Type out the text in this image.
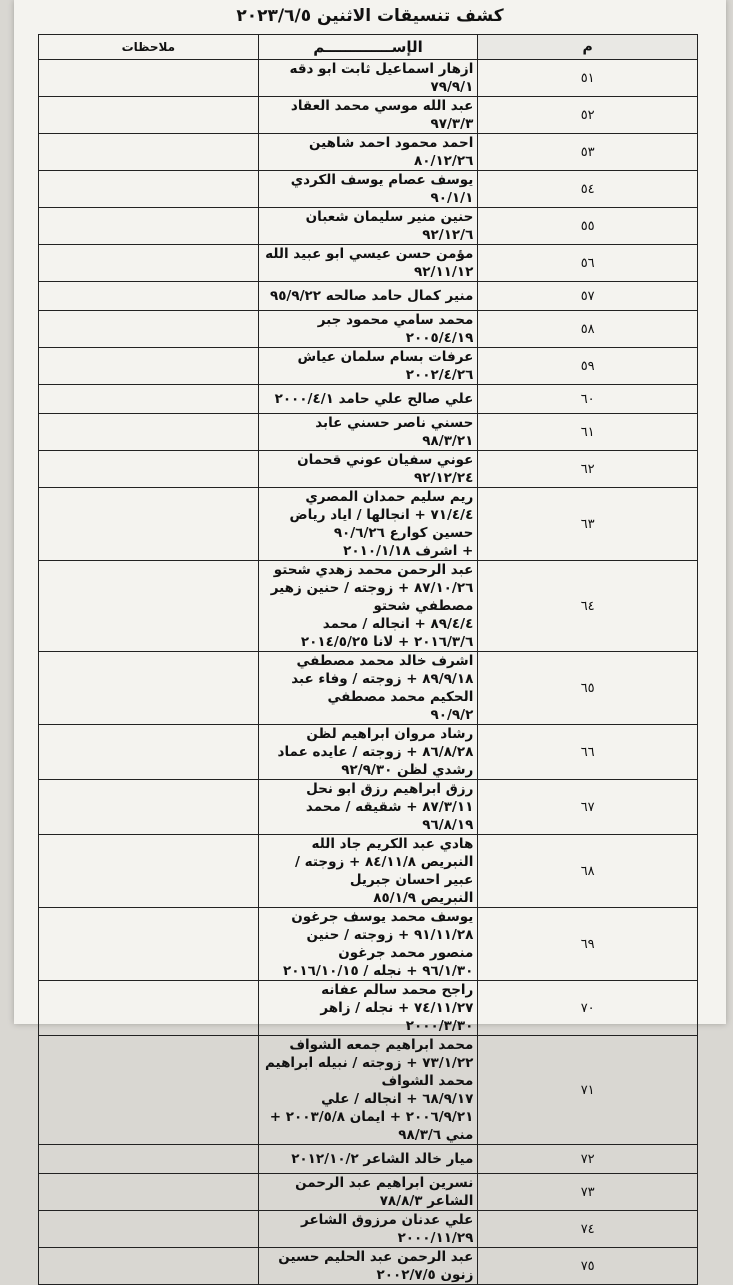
كشف تنسيقات الاثنين ٢٠٢٣/٦/٥
م	الإســـــــــــــم	ملاحظات
٥١	ازهار اسماعيل ثابت ابو دقه ٧٩/٩/١	

٥٢	عبد الله موسي محمد العقاد ٩٧/٣/٣	

٥٣	احمد محمود احمد شاهين ٨٠/١٢/٢٦	

٥٤	يوسف عصام يوسف الكردي ٩٠/١/١	

٥٥	حنين منير سليمان شعبان ٩٢/١٢/٦	

٥٦	مؤمن حسن عيسي ابو عبيد الله ٩٢/١١/١٢	

٥٧	منير كمال حامد صالحه ٩٥/٩/٢٢	

٥٨	محمد سامي محمود جبر ٢٠٠٥/٤/١٩	

٥٩	عرفات بسام سلمان عياش ٢٠٠٢/٤/٢٦	

٦٠	علي صالح علي حامد ٢٠٠٠/٤/١	

٦١	حسني ناصر حسني عابد ٩٨/٣/٢١	

٦٢	عوني سفيان عوني قحمان ٩٢/١٢/٢٤	

٦٣	ريم سليم حمدان المصري ٧١/٤/٤ + انجالها / اياد رياض حسين كوارع ٩٠/٦/٢٦
+ اشرف ٢٠١٠/١/١٨	

٦٤	عبد الرحمن محمد زهدي شحتو ٨٧/١٠/٢٦ + زوجته / حنين زهير مصطفي شحتو
٨٩/٤/٤ + انجاله / محمد ٢٠١٦/٣/٦ + لانا ٢٠١٤/٥/٢٥	

٦٥	اشرف خالد محمد مصطفي ٨٩/٩/١٨ + زوجته / وفاء عبد الحكيم محمد مصطفي
٩٠/٩/٢	

٦٦	رشاد مروان ابراهيم لظن ٨٦/٨/٢٨ + زوجته / عايده عماد رشدي لظن ٩٢/٩/٣٠	

٦٧	رزق ابراهيم رزق ابو نحل ٨٧/٣/١١ + شقيقه / محمد ٩٦/٨/١٩	

٦٨	هادي عبد الكريم جاد الله النبريص ٨٤/١١/٨ + زوجته / عبير احسان جبريل
النبريص ٨٥/١/٩	

٦٩	يوسف محمد يوسف جرغون ٩١/١١/٢٨ + زوجته / حنين منصور محمد جرغون
٩٦/١/٣٠ + نجله / ٢٠١٦/١٠/١٥	

٧٠	راجح محمد سالم عفانه ٧٤/١١/٢٧ + نجله / زاهر ٢٠٠٠/٣/٣٠	

٧١	محمد ابراهيم جمعه الشواف ٧٣/١/٢٢ + زوجته / نبيله ابراهيم محمد الشواف
٦٨/٩/١٧ + انجاله / علي ٢٠٠٦/٩/٢١ + ايمان ٢٠٠٣/٥/٨ + مني ٩٨/٣/٦	

٧٢	ميار خالد الشاعر ٢٠١٢/١٠/٢	

٧٣	نسرين ابراهيم عبد الرحمن الشاعر ٧٨/٨/٣	

٧٤	علي عدنان مرزوق الشاعر ٢٠٠٠/١١/٢٩	

٧٥	عبد الرحمن عبد الحليم حسين زنون ٢٠٠٢/٧/٥	
